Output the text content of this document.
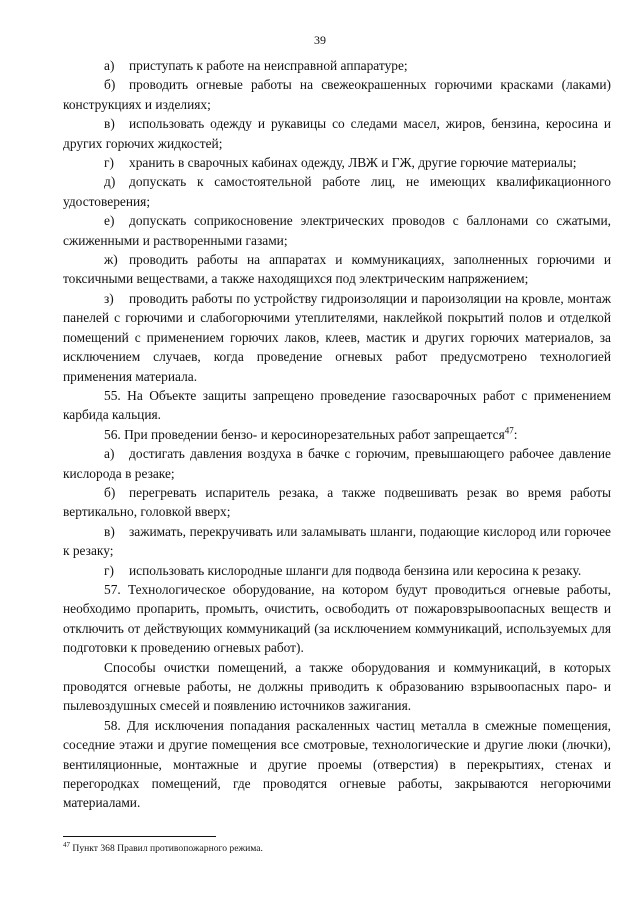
39

а) приступать к работе на неисправной аппаратуре;

б) проводить огневые работы на свежеокрашенных горючими красками (лаками) конструкциях и изделиях;

в) использовать одежду и рукавицы со следами масел, жиров, бензина, керосина и других горючих жидкостей;

г) хранить в сварочных кабинах одежду, ЛВЖ и ГЖ, другие горючие материалы;

д) допускать к самостоятельной работе лиц, не имеющих квалификационного удостоверения;

е) допускать соприкосновение электрических проводов с баллонами со сжатыми, сжиженными и растворенными газами;

ж) проводить работы на аппаратах и коммуникациях, заполненных горючими и токсичными веществами, а также находящихся под электрическим напряжением;

з) проводить работы по устройству гидроизоляции и пароизоляции на кровле, монтаж панелей с горючими и слабогорючими утеплителями, наклейкой покрытий полов и отделкой помещений с применением горючих лаков, клеев, мастик и других горючих материалов, за исключением случаев, когда проведение огневых работ предусмотрено технологией применения материала.

55. На Объекте защиты запрещено проведение газосварочных работ с применением карбида кальция.

56. При проведении бензо- и керосинорезательных работ запрещается$^{47}$:

а) достигать давления воздуха в бачке с горючим, превышающего рабочее давление кислорода в резаке;

б) перегревать испаритель резака, а также подвешивать резак во время работы вертикально, головкой вверх;

в) зажимать, перекручивать или заламывать шланги, подающие кислород или горючее к резаку;

г) использовать кислородные шланги для подвода бензина или керосина к резаку.

57. Технологическое оборудование, на котором будут проводиться огневые работы, необходимо пропарить, промыть, очистить, освободить от пожаровзрывоопасных веществ и отключить от действующих коммуникаций (за исключением коммуникаций, используемых для подготовки к проведению огневых работ).

Способы очистки помещений, а также оборудования и коммуникаций, в которых проводятся огневые работы, не должны приводить к образованию взрывоопасных паро- и пылевоздушных смесей и появлению источников зажигания.

58. Для исключения попадания раскаленных частиц металла в смежные помещения, соседние этажи и другие помещения все смотровые, технологические и другие люки (лючки), вентиляционные, монтажные и другие проемы (отверстия) в перекрытиях, стенах и перегородках помещений, где проводятся огневые работы, закрываются негорючими материалами.

$^{47}$ Пункт 368 Правил противопожарного режима.
